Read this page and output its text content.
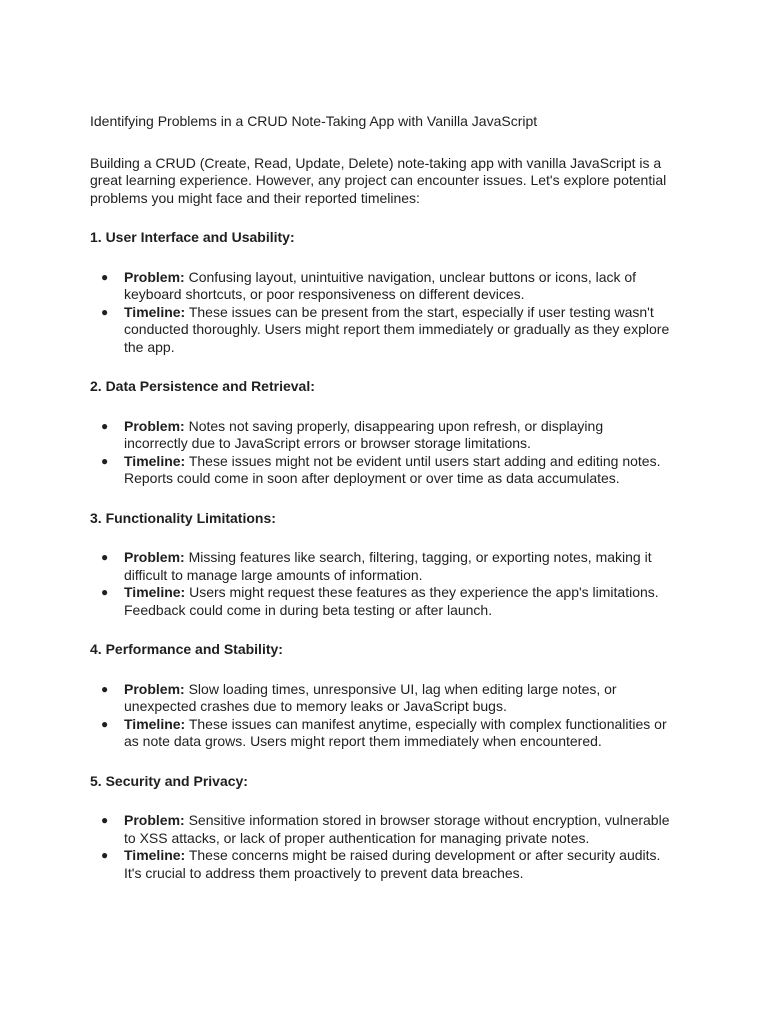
Identifying Problems in a CRUD Note-Taking App with Vanilla JavaScript

Building a CRUD (Create, Read, Update, Delete) note-taking app with vanilla JavaScript is a great learning experience. However, any project can encounter issues. Let's explore potential problems you might face and their reported timelines:

1. User Interface and Usability:

● Problem: Confusing layout, unintuitive navigation, unclear buttons or icons, lack of keyboard shortcuts, or poor responsiveness on different devices.
● Timeline: These issues can be present from the start, especially if user testing wasn't conducted thoroughly. Users might report them immediately or gradually as they explore the app.

2. Data Persistence and Retrieval:

● Problem: Notes not saving properly, disappearing upon refresh, or displaying incorrectly due to JavaScript errors or browser storage limitations.
● Timeline: These issues might not be evident until users start adding and editing notes. Reports could come in soon after deployment or over time as data accumulates.

3. Functionality Limitations:

● Problem: Missing features like search, filtering, tagging, or exporting notes, making it difficult to manage large amounts of information.
● Timeline: Users might request these features as they experience the app's limitations. Feedback could come in during beta testing or after launch.

4. Performance and Stability:

● Problem: Slow loading times, unresponsive UI, lag when editing large notes, or unexpected crashes due to memory leaks or JavaScript bugs.
● Timeline: These issues can manifest anytime, especially with complex functionalities or as note data grows. Users might report them immediately when encountered.

5. Security and Privacy:

● Problem: Sensitive information stored in browser storage without encryption, vulnerable to XSS attacks, or lack of proper authentication for managing private notes.
● Timeline: These concerns might be raised during development or after security audits. It's crucial to address them proactively to prevent data breaches.
